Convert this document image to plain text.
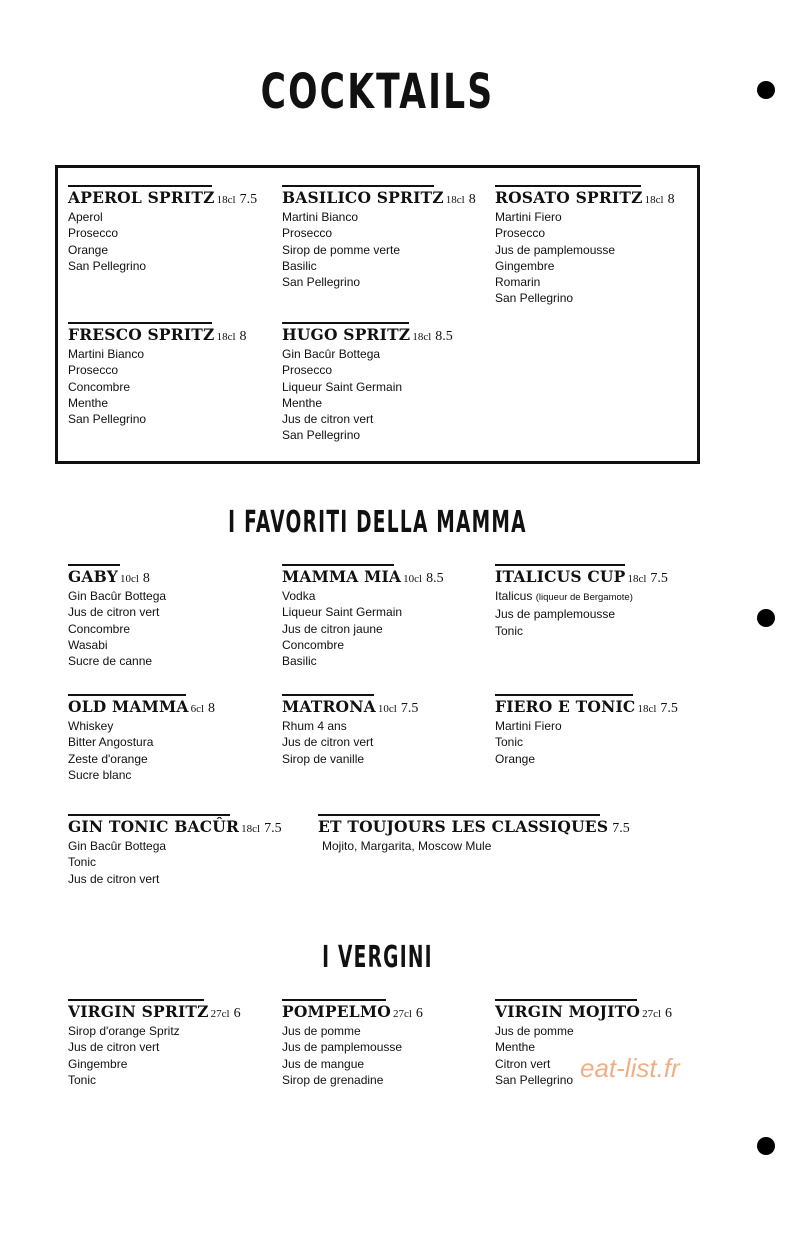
COCKTAILS
APEROL SPRITZ 18cl 7.5
Aperol
Prosecco
Orange
San Pellegrino
BASILICO SPRITZ 18cl 8
Martini Bianco
Prosecco
Sirop de pomme verte
Basilic
San Pellegrino
ROSATO SPRITZ 18cl 8
Martini Fiero
Prosecco
Jus de pamplemousse
Gingembre
Romarin
San Pellegrino
FRESCO SPRITZ 18cl 8
Martini Bianco
Prosecco
Concombre
Menthe
San Pellegrino
HUGO SPRITZ 18cl 8.5
Gin Bacûr Bottega
Prosecco
Liqueur Saint Germain
Menthe
Jus de citron vert
San Pellegrino
I FAVORITI DELLA MAMMA
GABY 10cl 8
Gin Bacûr Bottega
Jus de citron vert
Concombre
Wasabi
Sucre de canne
MAMMA MIA 10cl 8.5
Vodka
Liqueur Saint Germain
Jus de citron jaune
Concombre
Basilic
ITALICUS CUP 18cl 7.5
Italicus (liqueur de Bergamote)
Jus de pamplemousse
Tonic
OLD MAMMA 6cl 8
Whiskey
Bitter Angostura
Zeste d'orange
Sucre blanc
MATRONA 10cl 7.5
Rhum 4 ans
Jus de citron vert
Sirop de vanille
FIERO E TONIC 18cl 7.5
Martini Fiero
Tonic
Orange
GIN TONIC BACÛR 18cl 7.5
Gin Bacûr Bottega
Tonic
Jus de citron vert
ET TOUJOURS LES CLASSIQUES 7.5
Mojito, Margarita, Moscow Mule
I VERGINI
VIRGIN SPRITZ 27cl 6
Sirop d'orange Spritz
Jus de citron vert
Gingembre
Tonic
POMPELMO 27cl 6
Jus de pomme
Jus de pamplemousse
Jus de mangue
Sirop de grenadine
VIRGIN MOJITO 27cl 6
Jus de pomme
Menthe
Citron vert
San Pellegrino eat-list.fr
